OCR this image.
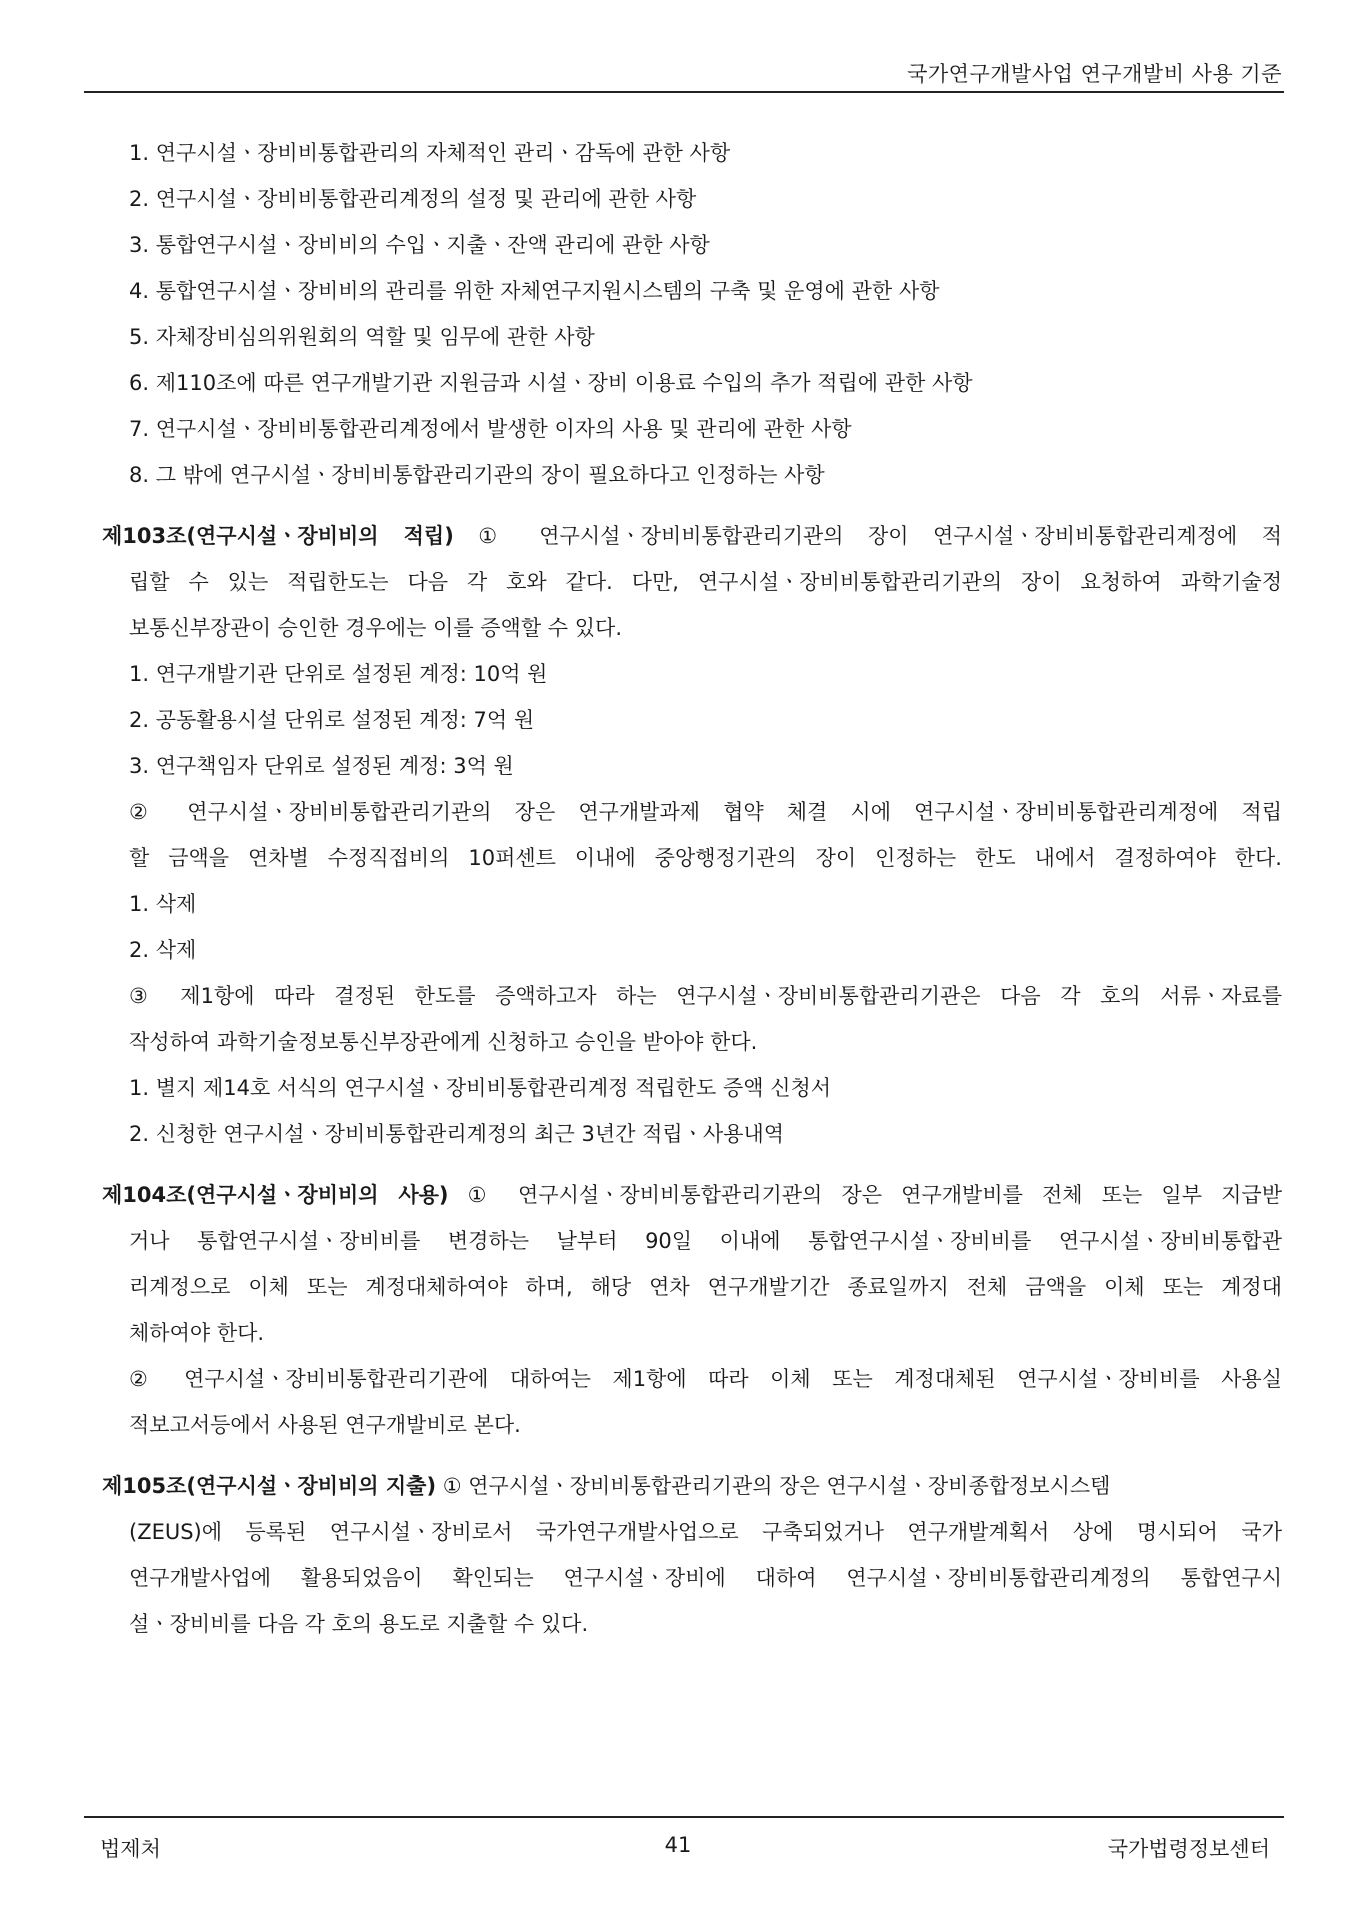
국가연구개발사업 연구개발비 사용 기준
1. 연구시설ㆍ장비비통합관리의 자체적인 관리ㆍ감독에 관한 사항
2. 연구시설ㆍ장비비통합관리계정의 설정 및 관리에 관한 사항
3. 통합연구시설ㆍ장비비의 수입ㆍ지출ㆍ잔액 관리에 관한 사항
4. 통합연구시설ㆍ장비비의 관리를 위한 자체연구지원시스템의 구축 및 운영에 관한 사항
5. 자체장비심의위원회의 역할 및 임무에 관한 사항
6. 제110조에 따른 연구개발기관 지원금과 시설ㆍ장비 이용료 수입의 추가 적립에 관한 사항
7. 연구시설ㆍ장비비통합관리계정에서 발생한 이자의 사용 및 관리에 관한 사항
8. 그 밖에 연구시설ㆍ장비비통합관리기관의 장이 필요하다고 인정하는 사항
제103조(연구시설ㆍ장비비의 적립) ① 연구시설ㆍ장비비통합관리기관의 장이 연구시설ㆍ장비비통합관리계정에 적
립할 수 있는 적립한도는 다음 각 호와 같다. 다만, 연구시설ㆍ장비비통합관리기관의 장이 요청하여 과학기술정
보통신부장관이 승인한 경우에는 이를 증액할 수 있다.
1. 연구개발기관 단위로 설정된 계정: 10억 원
2. 공동활용시설 단위로 설정된 계정: 7억 원
3. 연구책임자 단위로 설정된 계정: 3억 원
② 연구시설ㆍ장비비통합관리기관의 장은 연구개발과제 협약 체결 시에 연구시설ㆍ장비비통합관리계정에 적립
할 금액을 연차별 수정직접비의 10퍼센트 이내에 중앙행정기관의 장이 인정하는 한도 내에서 결정하여야 한다.
1. 삭제
2. 삭제
③ 제1항에 따라 결정된 한도를 증액하고자 하는 연구시설ㆍ장비비통합관리기관은 다음 각 호의 서류ㆍ자료를
작성하여 과학기술정보통신부장관에게 신청하고 승인을 받아야 한다.
1. 별지 제14호 서식의 연구시설ㆍ장비비통합관리계정 적립한도 증액 신청서
2. 신청한 연구시설ㆍ장비비통합관리계정의 최근 3년간 적립ㆍ사용내역
제104조(연구시설ㆍ장비비의 사용) ① 연구시설ㆍ장비비통합관리기관의 장은 연구개발비를 전체 또는 일부 지급받
거나 통합연구시설ㆍ장비비를 변경하는 날부터 90일 이내에 통합연구시설ㆍ장비비를 연구시설ㆍ장비비통합관
리계정으로 이체 또는 계정대체하여야 하며, 해당 연차 연구개발기간 종료일까지 전체 금액을 이체 또는 계정대
체하여야 한다.
② 연구시설ㆍ장비비통합관리기관에 대하여는 제1항에 따라 이체 또는 계정대체된 연구시설ㆍ장비비를 사용실
적보고서등에서 사용된 연구개발비로 본다.
제105조(연구시설ㆍ장비비의 지출) ① 연구시설ㆍ장비비통합관리기관의 장은 연구시설ㆍ장비종합정보시스템
(ZEUS)에 등록된 연구시설ㆍ장비로서 국가연구개발사업으로 구축되었거나 연구개발계획서 상에 명시되어 국가
연구개발사업에 활용되었음이 확인되는 연구시설ㆍ장비에 대하여 연구시설ㆍ장비비통합관리계정의 통합연구시
설ㆍ장비비를 다음 각 호의 용도로 지출할 수 있다.
법제처	41	국가법령정보센터
